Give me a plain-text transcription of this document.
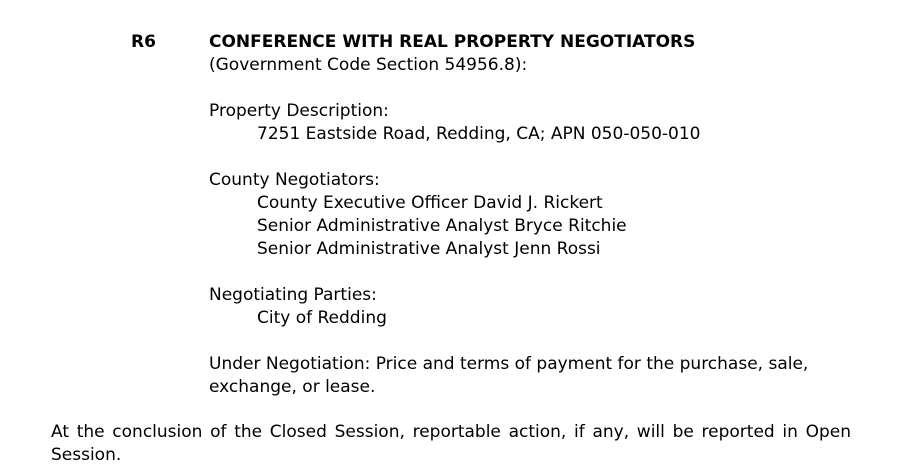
R6	CONFERENCE WITH REAL PROPERTY NEGOTIATORS
(Government Code Section 54956.8):
Property Description:
7251 Eastside Road, Redding, CA; APN 050-050-010
County Negotiators:
County Executive Officer David J. Rickert
Senior Administrative Analyst Bryce Ritchie
Senior Administrative Analyst Jenn Rossi
Negotiating Parties:
City of Redding
Under Negotiation: Price and terms of payment for the purchase, sale,
exchange, or lease.
At the conclusion of the Closed Session, reportable action, if any, will be reported in Open Session.
